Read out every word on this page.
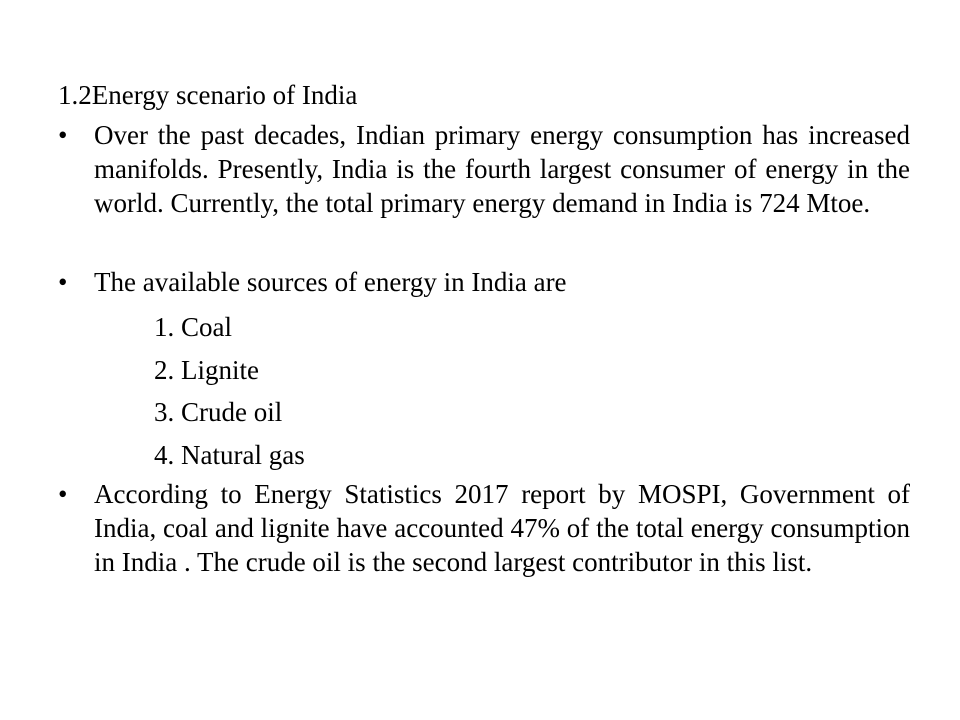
1.2Energy scenario of India
• Over the past decades, Indian primary energy consumption has increased manifolds. Presently, India is the fourth largest consumer of energy in the world. Currently, the total primary energy demand in India is 724 Mtoe.
• The available sources of energy in India are
1. Coal
2. Lignite
3. Crude oil
4. Natural gas
• According to Energy Statistics 2017 report by MOSPI, Government of India, coal and lignite have accounted 47% of the total energy consumption in India . The crude oil is the second largest contributor in this list.
